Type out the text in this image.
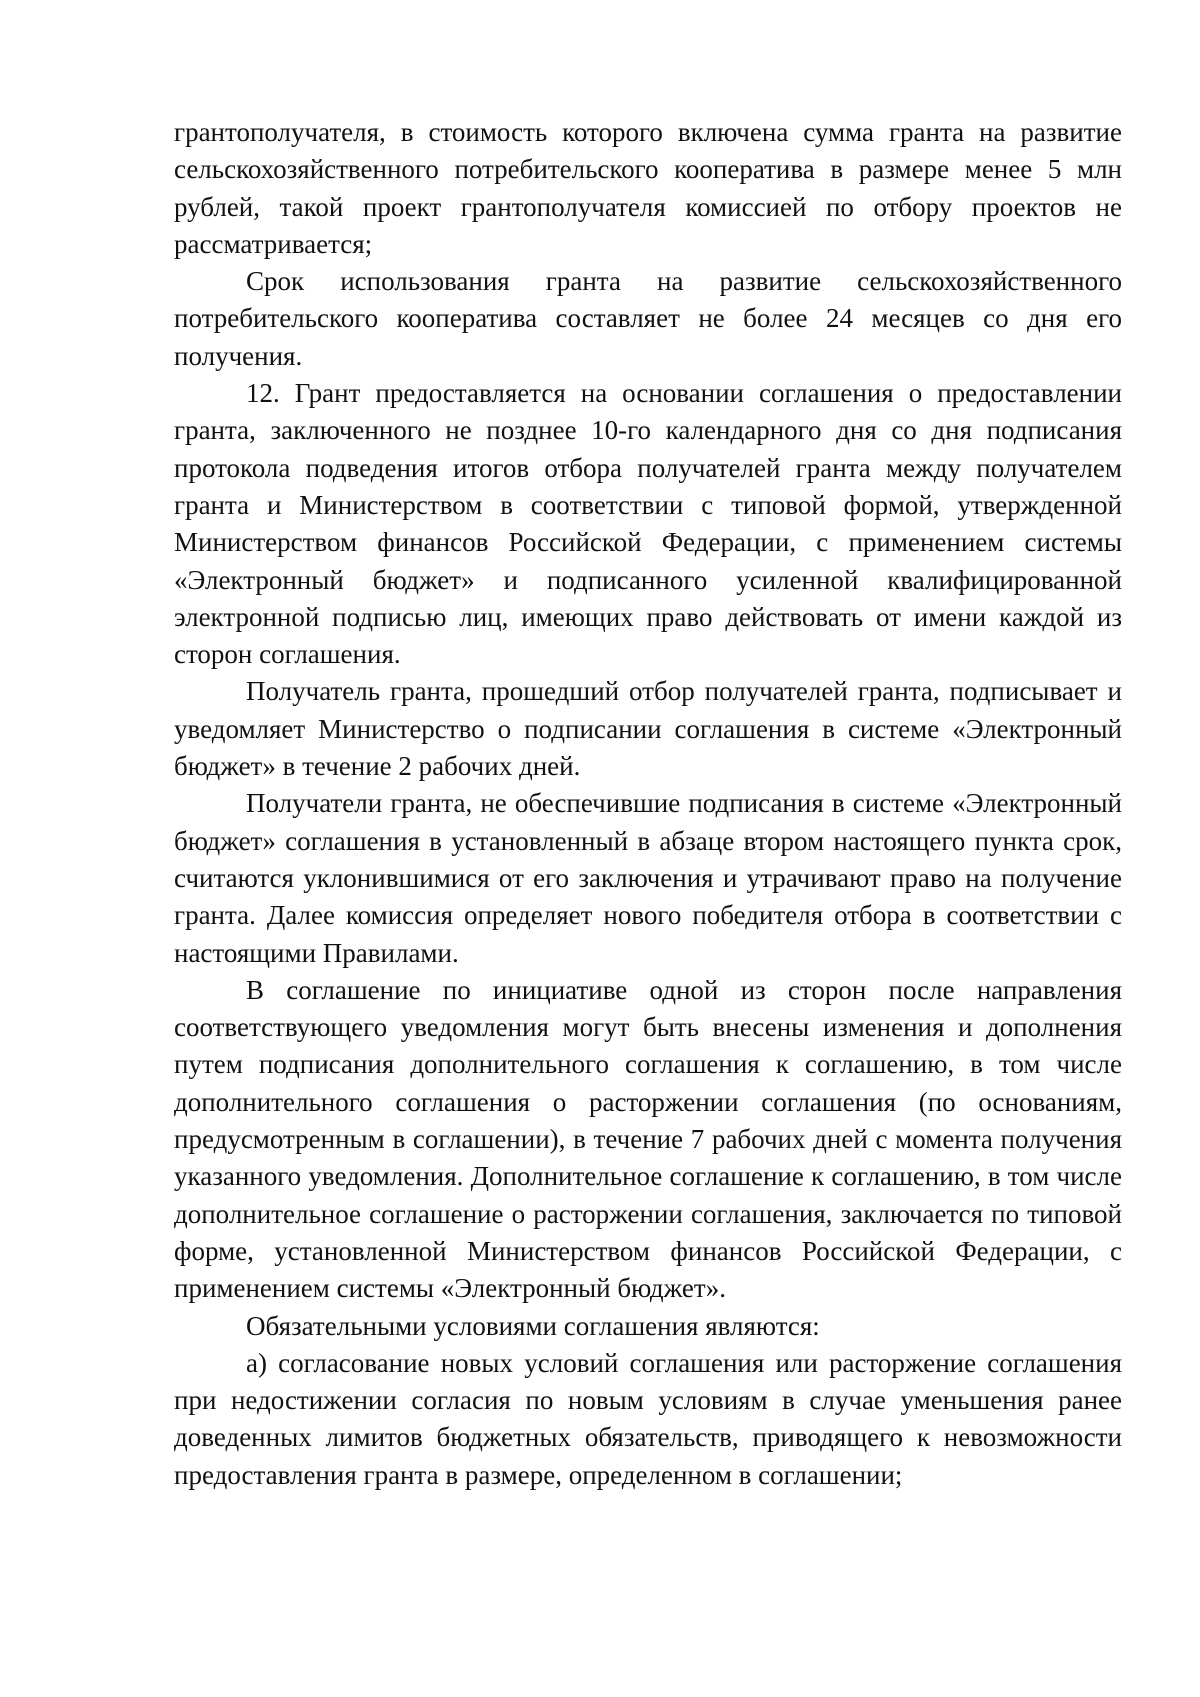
грантополучателя, в стоимость которого включена сумма гранта на развитие сельскохозяйственного потребительского кооператива в размере менее 5 млн рублей, такой проект грантополучателя комиссией по отбору проектов не рассматривается;

Срок использования гранта на развитие сельскохозяйственного потребительского кооператива составляет не более 24 месяцев со дня его получения.

12. Грант предоставляется на основании соглашения о предоставлении гранта, заключенного не позднее 10-го календарного дня со дня подписания протокола подведения итогов отбора получателей гранта между получателем гранта и Министерством в соответствии с типовой формой, утвержденной Министерством финансов Российской Федерации, с применением системы «Электронный бюджет» и подписанного усиленной квалифицированной электронной подписью лиц, имеющих право действовать от имени каждой из сторон соглашения.

Получатель гранта, прошедший отбор получателей гранта, подписывает и уведомляет Министерство о подписании соглашения в системе «Электронный бюджет» в течение 2 рабочих дней.

Получатели гранта, не обеспечившие подписания в системе «Электронный бюджет» соглашения в установленный в абзаце втором настоящего пункта срок, считаются уклонившимися от его заключения и утрачивают право на получение гранта. Далее комиссия определяет нового победителя отбора в соответствии с настоящими Правилами.

В соглашение по инициативе одной из сторон после направления соответствующего уведомления могут быть внесены изменения и дополнения путем подписания дополнительного соглашения к соглашению, в том числе дополнительного соглашения о расторжении соглашения (по основаниям, предусмотренным в соглашении), в течение 7 рабочих дней с момента получения указанного уведомления. Дополнительное соглашение к соглашению, в том числе дополнительное соглашение о расторжении соглашения, заключается по типовой форме, установленной Министерством финансов Российской Федерации, с применением системы «Электронный бюджет».

Обязательными условиями соглашения являются:

а) согласование новых условий соглашения или расторжение соглашения при недостижении согласия по новым условиям в случае уменьшения ранее доведенных лимитов бюджетных обязательств, приводящего к невозможности предоставления гранта в размере, определенном в соглашении;
